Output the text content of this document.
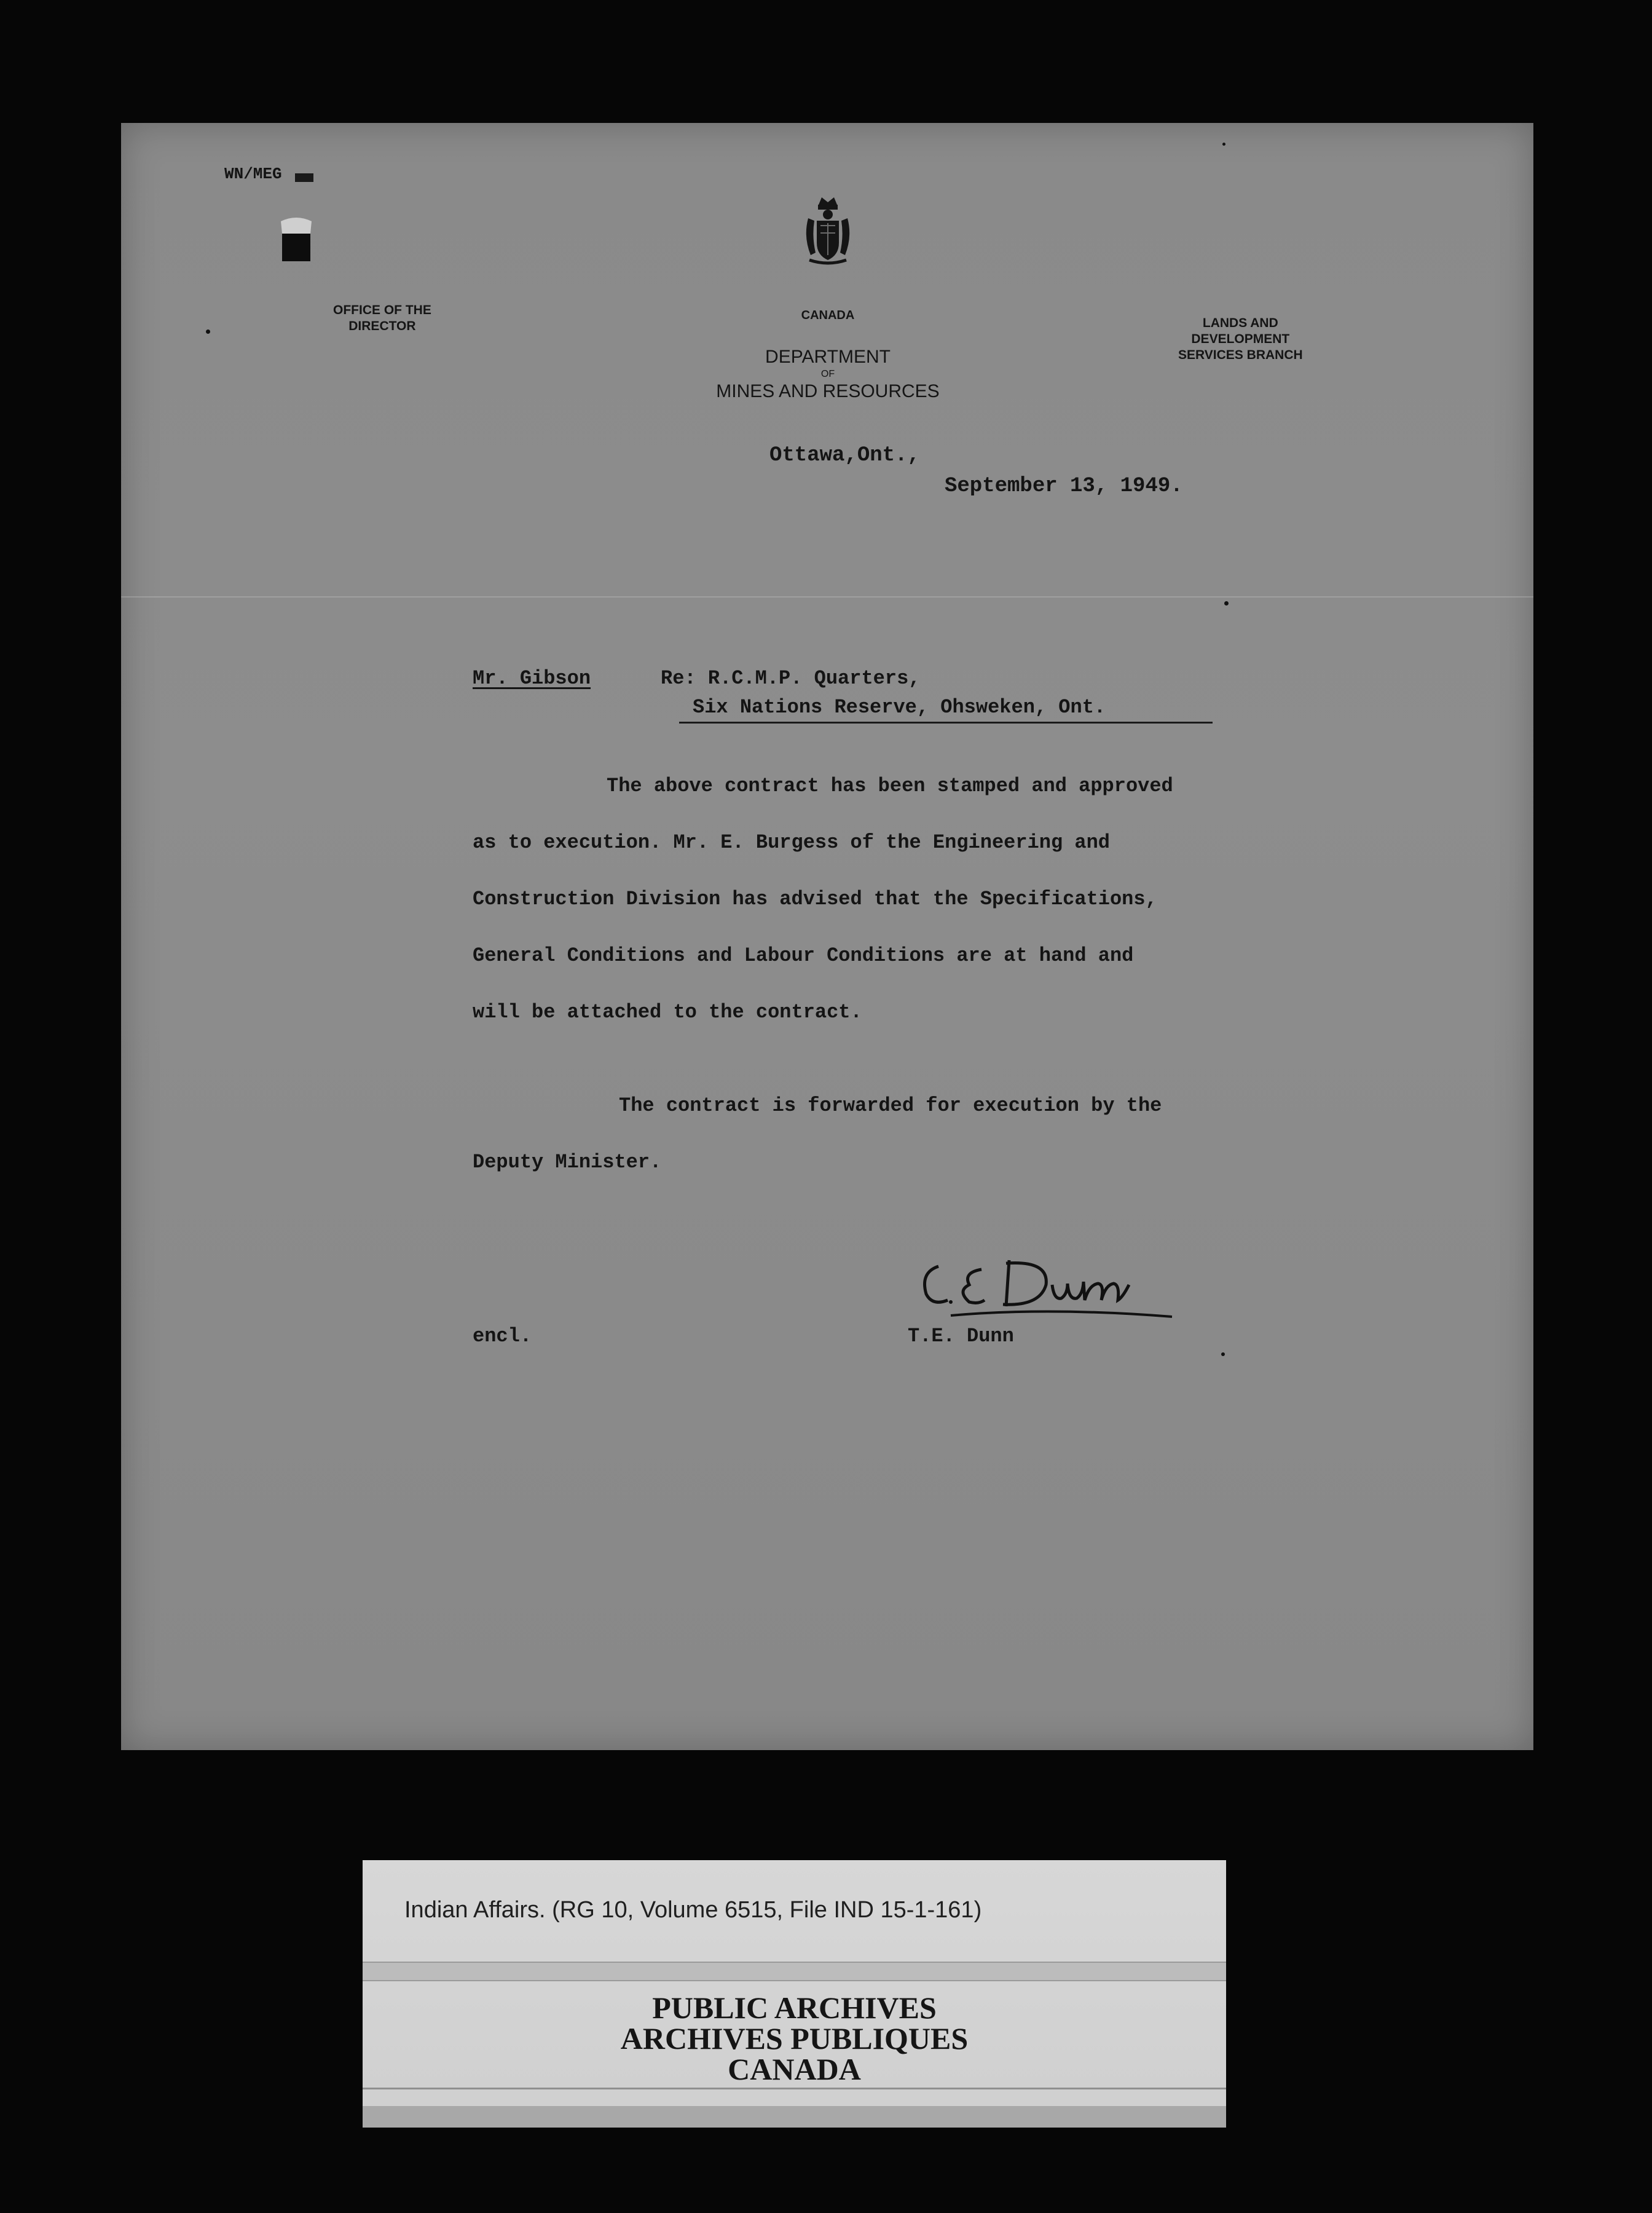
WN/MEG
OFFICE OF THE
DIRECTOR
CANADA
DEPARTMENT
OF
MINES AND RESOURCES
LANDS AND
DEVELOPMENT
SERVICES BRANCH
Ottawa,Ont.,
September 13, 1949.
Mr. Gibson	Re: R.C.M.P. Quarters,
Six Nations Reserve, Ohsweken, Ont.
The above contract has been stamped and approved
as to execution. Mr. E. Burgess of the Engineering and
Construction Division has advised that the Specifications,
General Conditions and Labour Conditions are at hand and
will be attached to the contract.
The contract is forwarded for execution by the
Deputy Minister.
encl.	T.E. Dunn
Indian Affairs. (RG 10, Volume 6515, File IND 15-1-161)
PUBLIC ARCHIVES
ARCHIVES PUBLIQUES
CANADA
